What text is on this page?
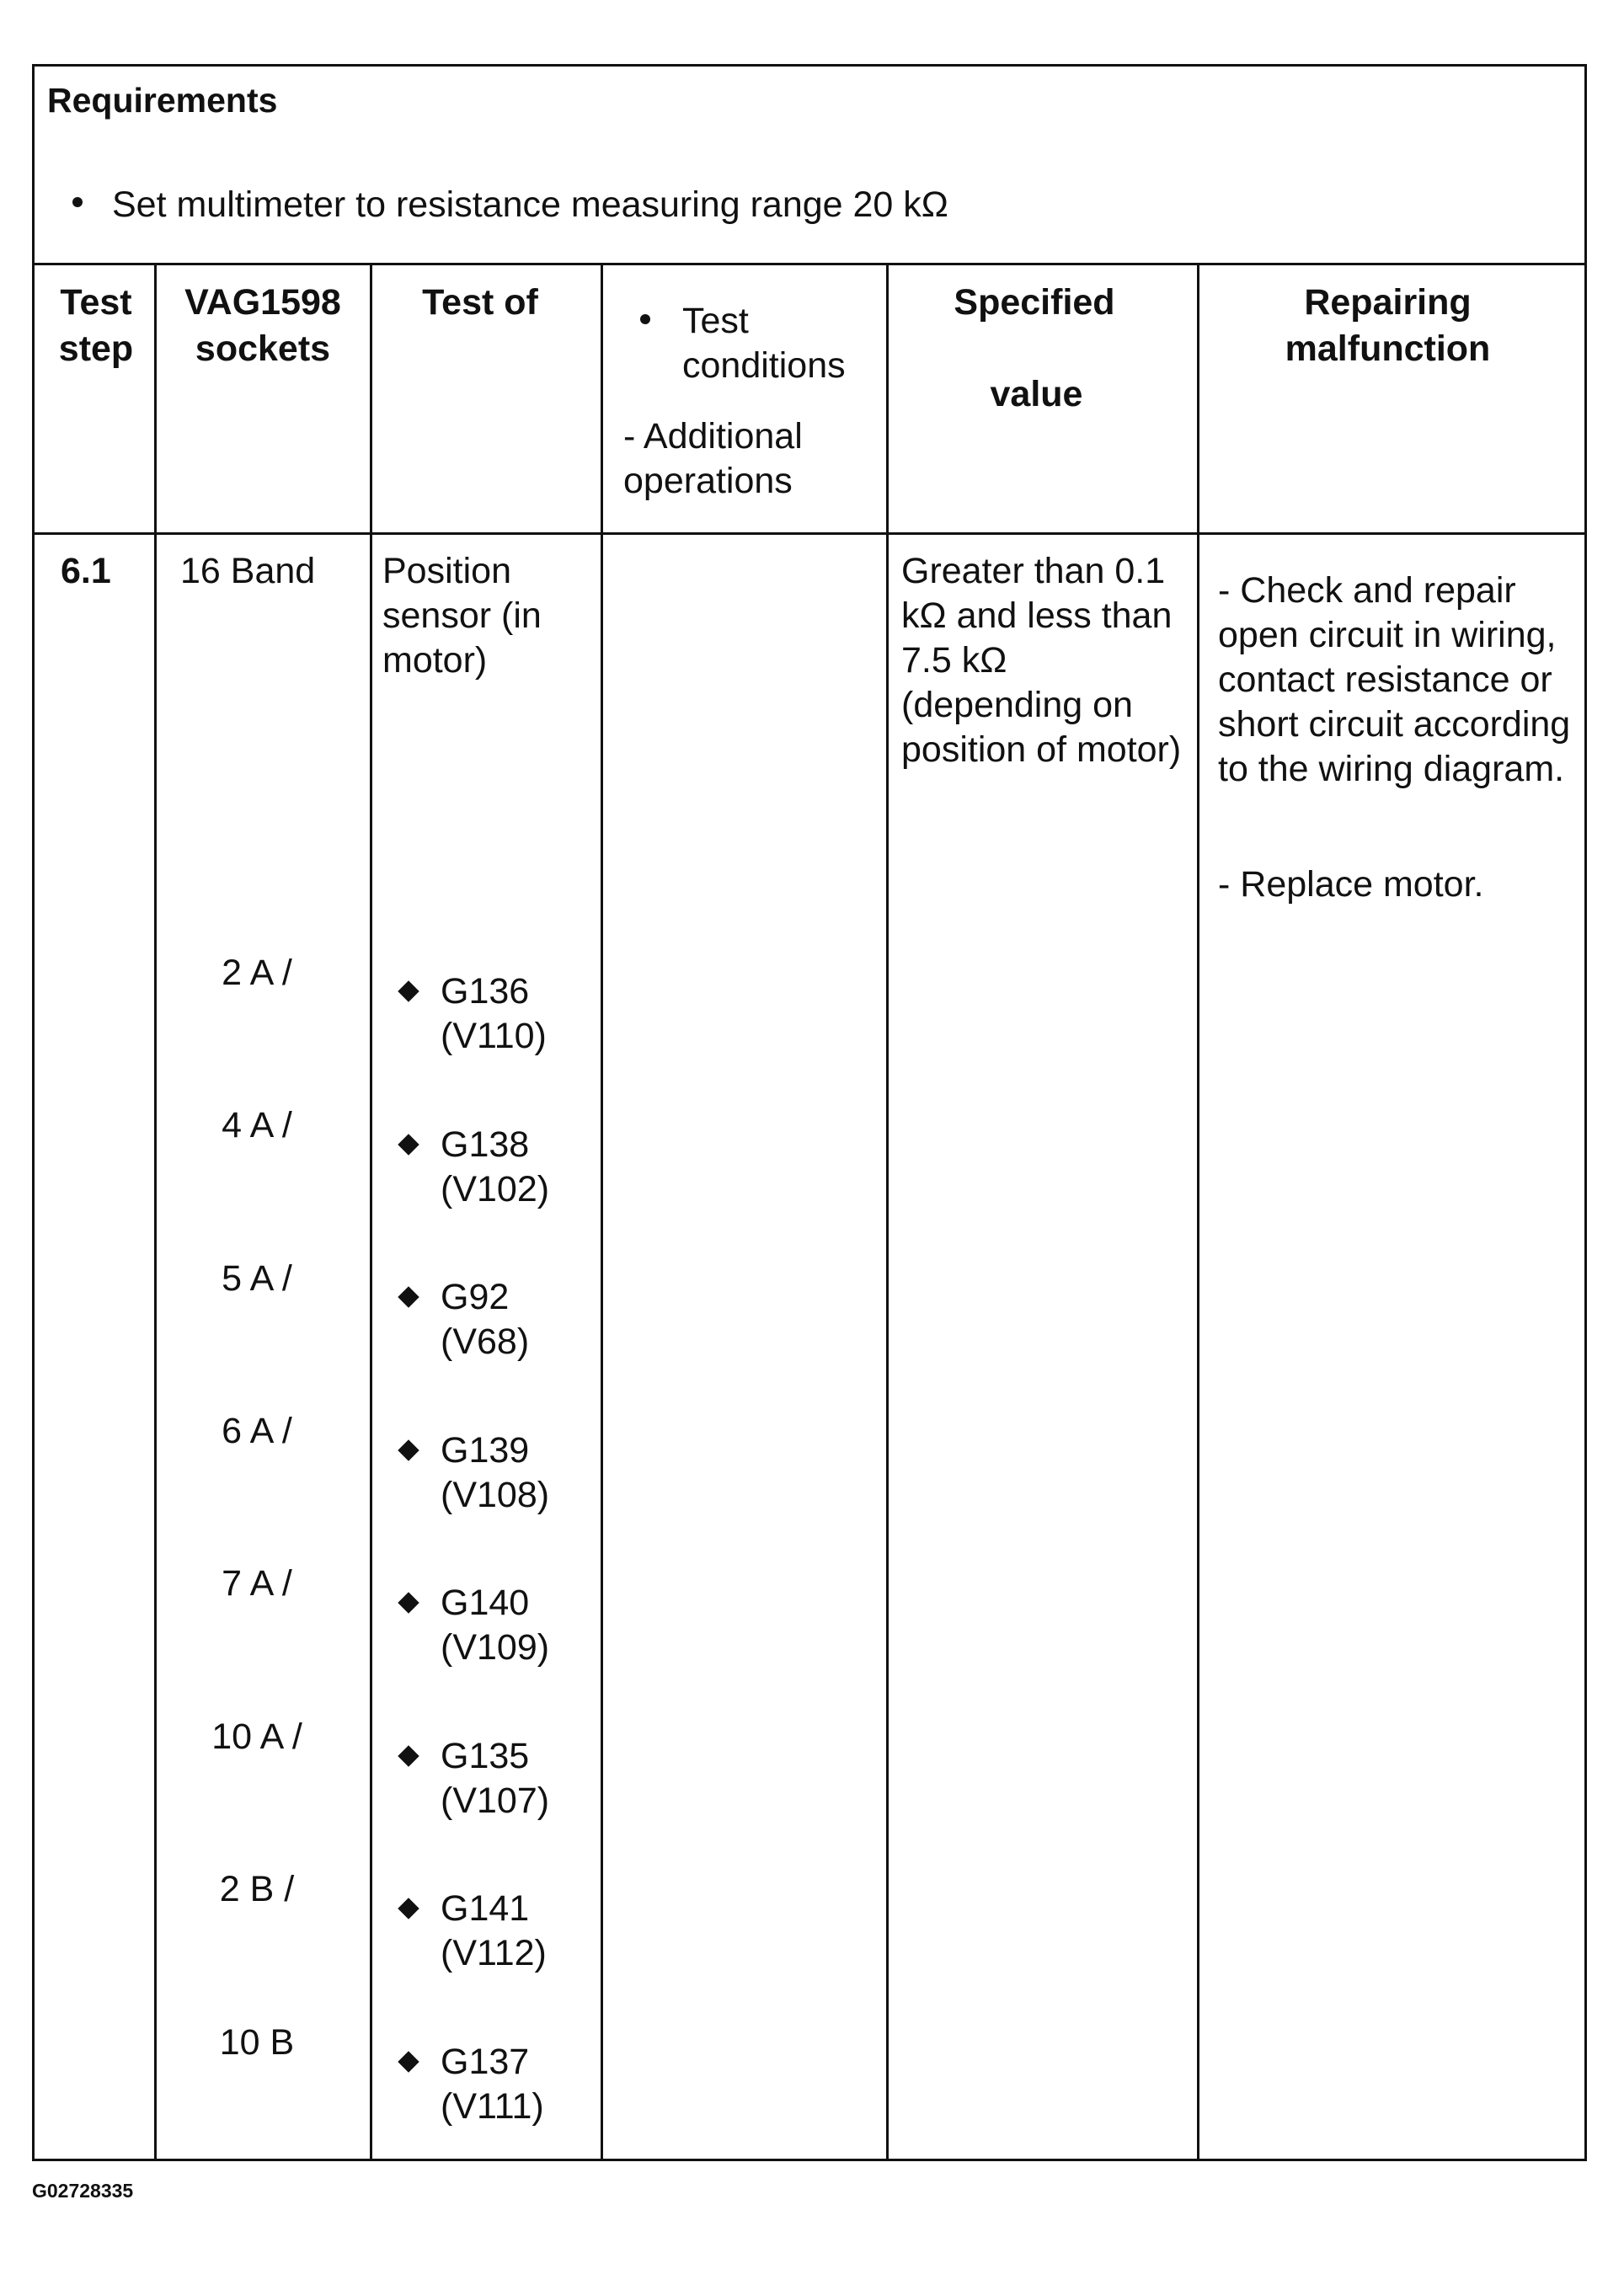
Requirements
Set multimeter to resistance measuring range 20 kΩ
Test step
VAG1598 sockets
Test of	Test conditions
- Additional operations
Specified
value
Repairing malfunction
6.1 16 Band Position sensor (in motor)
Greater than 0.1 kΩ and less than 7.5 kΩ (depending on position of motor)
- Check and repair open circuit in wiring, contact resistance or short circuit according to the wiring diagram.
- Replace motor.
2 A /
4 A /
5 A /
6 A /
7 A /
10 A /
2 B /
10 B
G136
(V110)
G138
(V102)
G92
(V68)
G139
(V108)
G140
(V109)
G135
(V107)
G141
(V112)
G137
(V111)
G02728335
